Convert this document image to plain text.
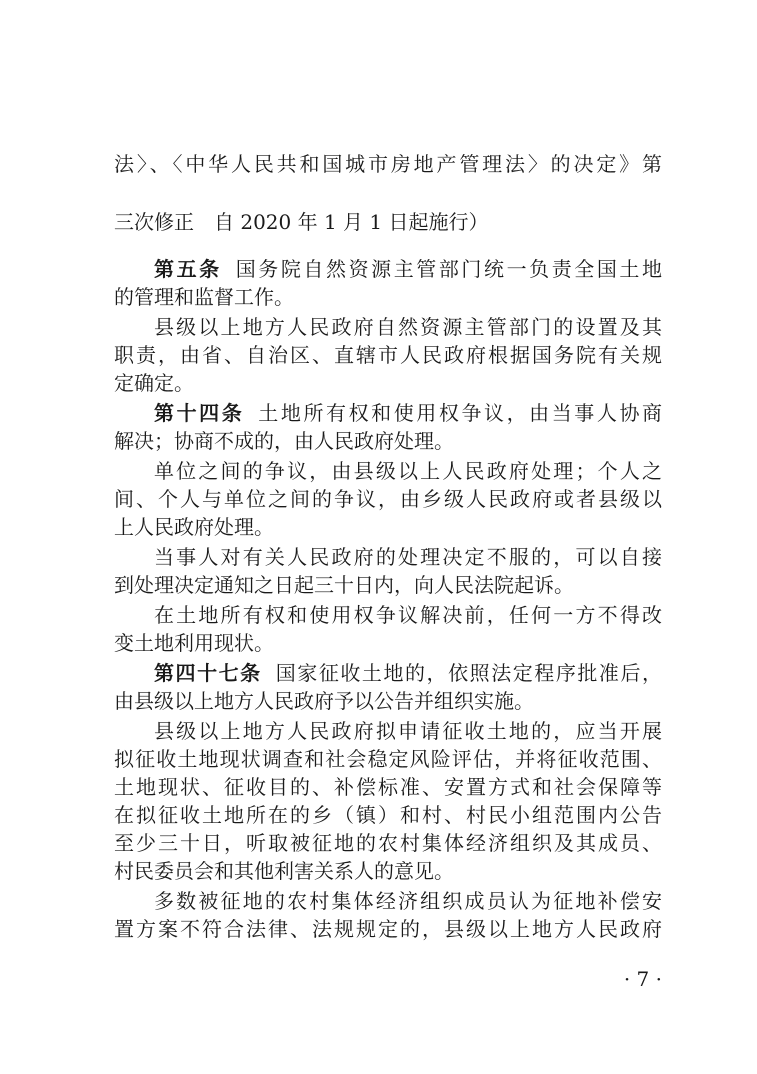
法〉、〈中华人民共和国城市房地产管理法〉的决定》第
三次修正　自 2020 年 1 月 1 日起施行）
第五条 国务院自然资源主管部门统一负责全国土地
的管理和监督工作。
县级以上地方人民政府自然资源主管部门的设置及其
职责，由省、自治区、直辖市人民政府根据国务院有关规
定确定。
第十四条 土地所有权和使用权争议，由当事人协商
解决；协商不成的，由人民政府处理。
单位之间的争议，由县级以上人民政府处理；个人之
间、个人与单位之间的争议，由乡级人民政府或者县级以
上人民政府处理。
当事人对有关人民政府的处理决定不服的，可以自接
到处理决定通知之日起三十日内，向人民法院起诉。
在土地所有权和使用权争议解决前，任何一方不得改
变土地利用现状。
第四十七条 国家征收土地的，依照法定程序批准后，
由县级以上地方人民政府予以公告并组织实施。
县级以上地方人民政府拟申请征收土地的，应当开展
拟征收土地现状调查和社会稳定风险评估，并将征收范围、
土地现状、征收目的、补偿标准、安置方式和社会保障等
在拟征收土地所在的乡（镇）和村、村民小组范围内公告
至少三十日，听取被征地的农村集体经济组织及其成员、
村民委员会和其他利害关系人的意见。
多数被征地的农村集体经济组织成员认为征地补偿安
置方案不符合法律、法规规定的，县级以上地方人民政府
· 7 ·
